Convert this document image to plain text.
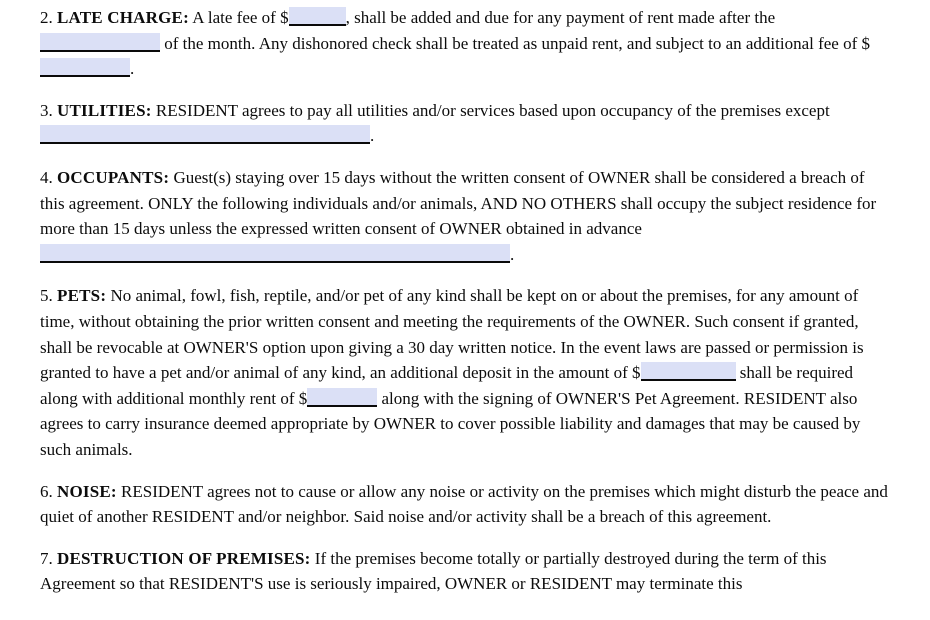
2. LATE CHARGE: A late fee of $	, shall be added and due for any payment of rent made after the  of the month. Any dishonored check shall be treated as unpaid rent, and subject to an additional fee of $.

3. UTILITIES: RESIDENT agrees to pay all utilities and/or services based upon occupancy of the premises except .

4. OCCUPANTS: Guest(s) staying over 15 days without the written consent of OWNER shall be considered a breach of this agreement. ONLY the following individuals and/or animals, AND NO OTHERS shall occupy the subject residence for more than 15 days unless the expressed written consent of OWNER obtained in advance .

5. PETS: No animal, fowl, fish, reptile, and/or pet of any kind shall be kept on or about the premises, for any amount of time, without obtaining the prior written consent and meeting the requirements of the OWNER. Such consent if granted, shall be revocable at OWNER'S option upon giving a 30 day written notice. In the event laws are passed or permission is granted to have a pet and/or animal of any kind, an additional deposit in the amount of $	shall be required along with additional monthly rent of $	along with the signing of OWNER'S Pet Agreement. RESIDENT also agrees to carry insurance deemed appropriate by OWNER to cover possible liability and damages that may be caused by such animals.

6. NOISE: RESIDENT agrees not to cause or allow any noise or activity on the premises which might disturb the peace and quiet of another RESIDENT and/or neighbor. Said noise and/or activity shall be a breach of this agreement.

7. DESTRUCTION OF PREMISES: If the premises become totally or partially destroyed during the term of this Agreement so that RESIDENT'S use is seriously impaired, OWNER or RESIDENT may terminate this
